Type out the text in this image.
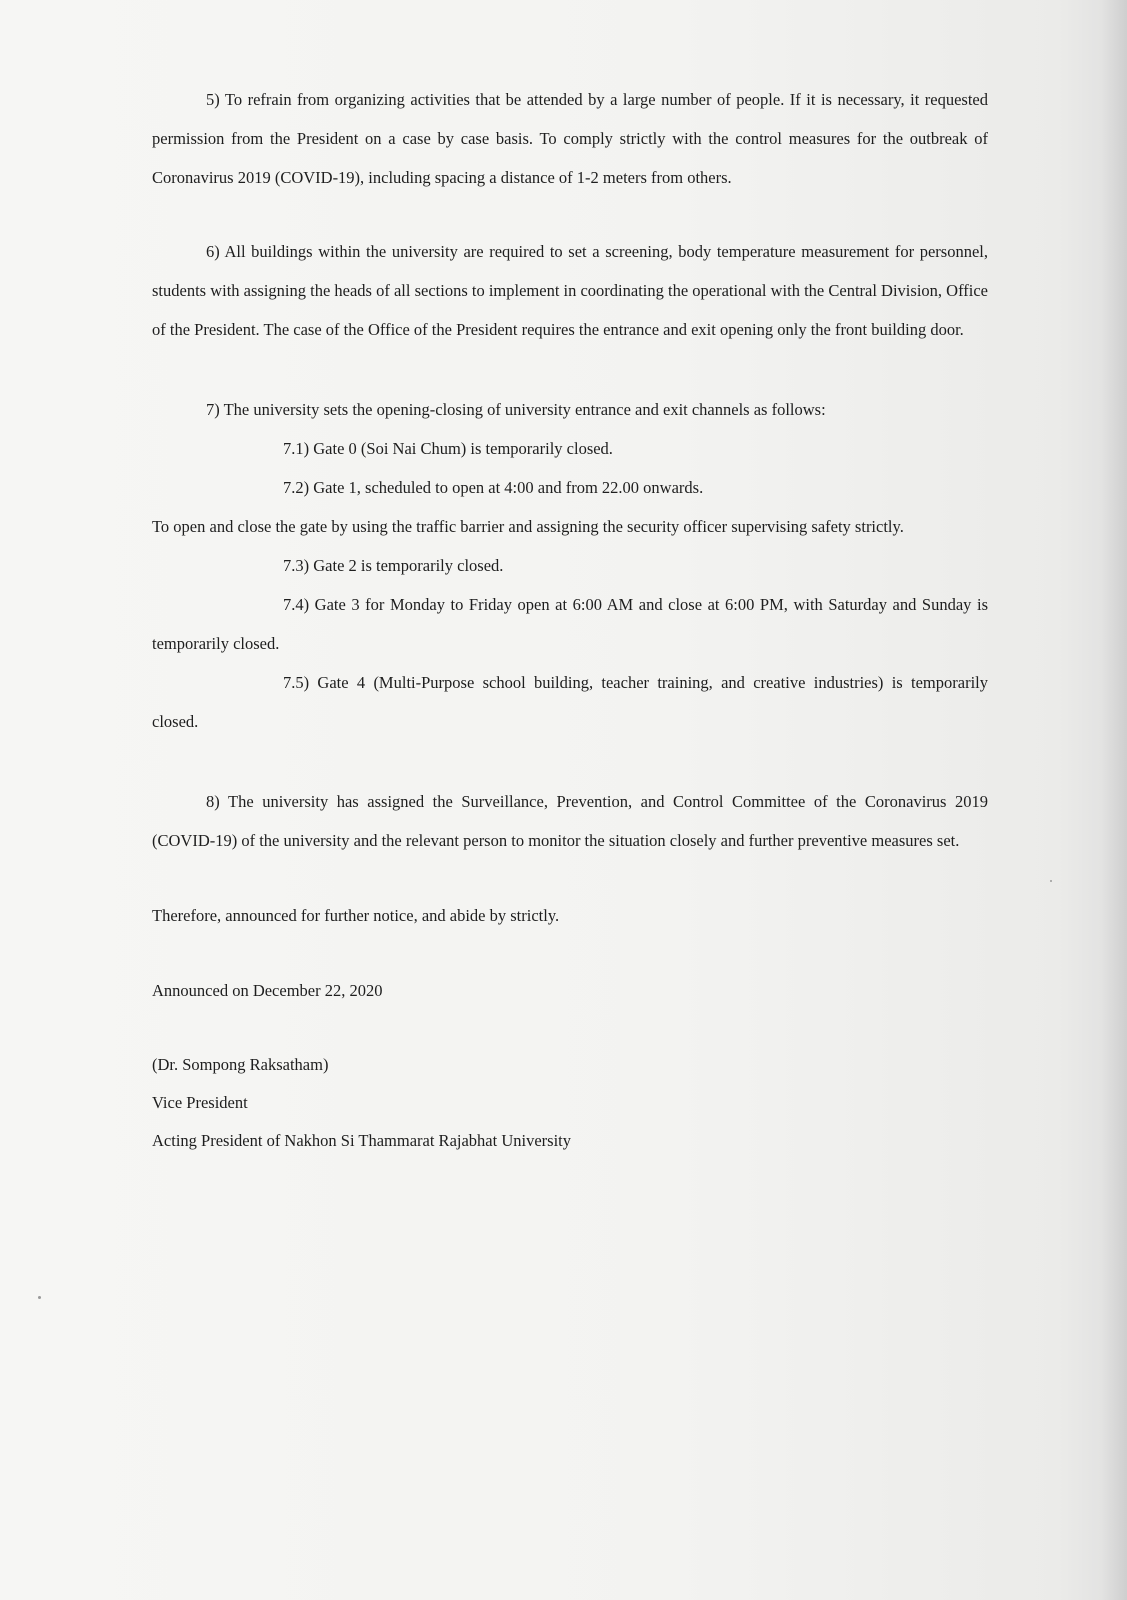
5) To refrain from organizing activities that be attended by a large number of people. If it is necessary, it requested permission from the President on a case by case basis. To comply strictly with the control measures for the outbreak of Coronavirus 2019 (COVID-19), including spacing a distance of 1-2 meters from others.

6) All buildings within the university are required to set a screening, body temperature measurement for personnel, students with assigning the heads of all sections to implement in coordinating the operational with the Central Division, Office of the President. The case of the Office of the President requires the entrance and exit opening only the front building door.

7) The university sets the opening-closing of university entrance and exit channels as follows:

7.1) Gate 0 (Soi Nai Chum) is temporarily closed.

7.2) Gate 1, scheduled to open at 4:00 and from 22.00 onwards.

To open and close the gate by using the traffic barrier and assigning the security officer supervising safety strictly.

7.3) Gate 2 is temporarily closed.

7.4) Gate 3 for Monday to Friday open at 6:00 AM and close at 6:00 PM, with Saturday and Sunday is temporarily closed.

7.5) Gate 4 (Multi-Purpose school building, teacher training, and creative industries) is temporarily closed.

8) The university has assigned the Surveillance, Prevention, and Control Committee of the Coronavirus 2019 (COVID-19) of the university and the relevant person to monitor the situation closely and further preventive measures set.

Therefore, announced for further notice, and abide by strictly.

Announced on December 22, 2020

(Dr. Sompong Raksatham)

Vice President

Acting President of Nakhon Si Thammarat Rajabhat University
